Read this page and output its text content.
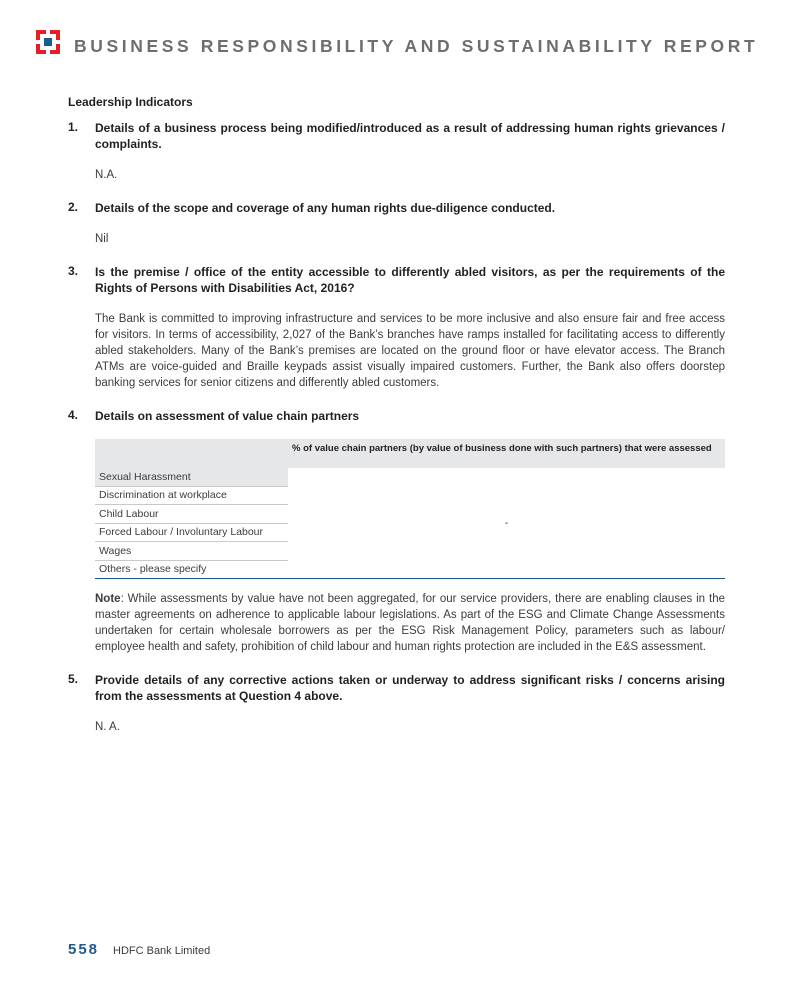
BUSINESS RESPONSIBILITY AND SUSTAINABILITY REPORT
Leadership Indicators
1. Details of a business process being modified/introduced as a result of addressing human rights grievances / complaints.
N.A.
2. Details of the scope and coverage of any human rights due-diligence conducted.
Nil
3. Is the premise / office of the entity accessible to differently abled visitors, as per the requirements of the Rights of Persons with Disabilities Act, 2016?
The Bank is committed to improving infrastructure and services to be more inclusive and also ensure fair and free access for visitors. In terms of accessibility, 2,027 of the Bank’s branches have ramps installed for facilitating access to differently abled stakeholders. Many of the Bank’s premises are located on the ground floor or have elevator access. The Branch ATMs are voice-guided and Braille keypads assist visually impaired customers. Further, the Bank also offers doorstep banking services for senior citizens and differently abled customers.
4. Details on assessment of value chain partners
	% of value chain partners (by value of business done with such partners) that were assessed
Sexual Harassment	-
Discrimination at workplace	
Child Labour	
Forced Labour / Involuntary Labour	
Wages	
Others - please specify	
Note: While assessments by value have not been aggregated, for our service providers, there are enabling clauses in the master agreements on adherence to applicable labour legislations. As part of the ESG and Climate Change Assessments undertaken for certain wholesale borrowers as per the ESG Risk Management Policy, parameters such as labour/ employee health and safety, prohibition of child labour and human rights protection are included in the E&S assessment.
5. Provide details of any corrective actions taken or underway to address significant risks / concerns arising from the assessments at Question 4 above.
N. A.
558 HDFC Bank Limited
